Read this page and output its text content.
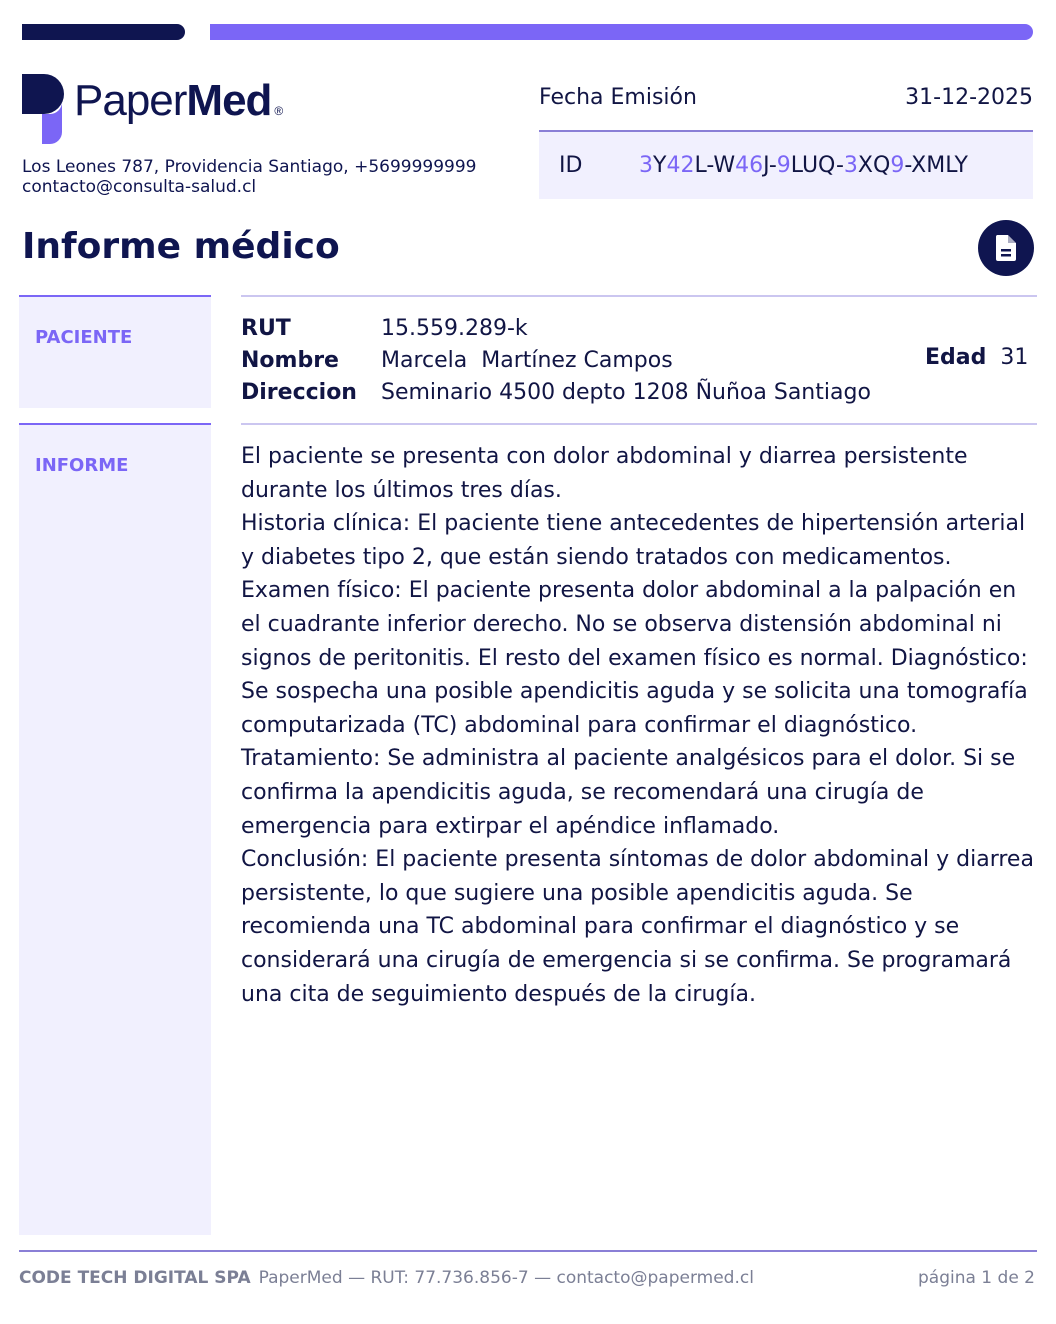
PaperMed ®
Los Leones 787, Providencia Santiago, +5699999999
contacto@consulta-salud.cl
Fecha Emisión	31-12-2025
ID	3Y42L-W46J-9LUQ-3XQ9-XMLY
Informe médico
PACIENTE
INFORME
RUT	15.559.289-k
Nombre Marcela  Martínez Campos
Direccion Seminario 4500 depto 1208 Ñuñoa Santiago
Edad 31
El paciente se presenta con dolor abdominal y diarrea persistente
durante los últimos tres días.
Historia clínica: El paciente tiene antecedentes de hipertensión arterial
y diabetes tipo 2, que están siendo tratados con medicamentos.
Examen físico: El paciente presenta dolor abdominal a la palpación en
el cuadrante inferior derecho. No se observa distensión abdominal ni
signos de peritonitis. El resto del examen físico es normal. Diagnóstico:
Se sospecha una posible apendicitis aguda y se solicita una tomografía
computarizada (TC) abdominal para confirmar el diagnóstico.
Tratamiento: Se administra al paciente analgésicos para el dolor. Si se
confirma la apendicitis aguda, se recomendará una cirugía de
emergencia para extirpar el apéndice inflamado.
Conclusión: El paciente presenta síntomas de dolor abdominal y diarrea
persistente, lo que sugiere una posible apendicitis aguda. Se
recomienda una TC abdominal para confirmar el diagnóstico y se
considerará una cirugía de emergencia si se confirma. Se programará
una cita de seguimiento después de la cirugía.
CODE TECH DIGITAL SPA PaperMed — RUT: 77.736.856-7 — contacto@papermed.cl	página 1 de 2
